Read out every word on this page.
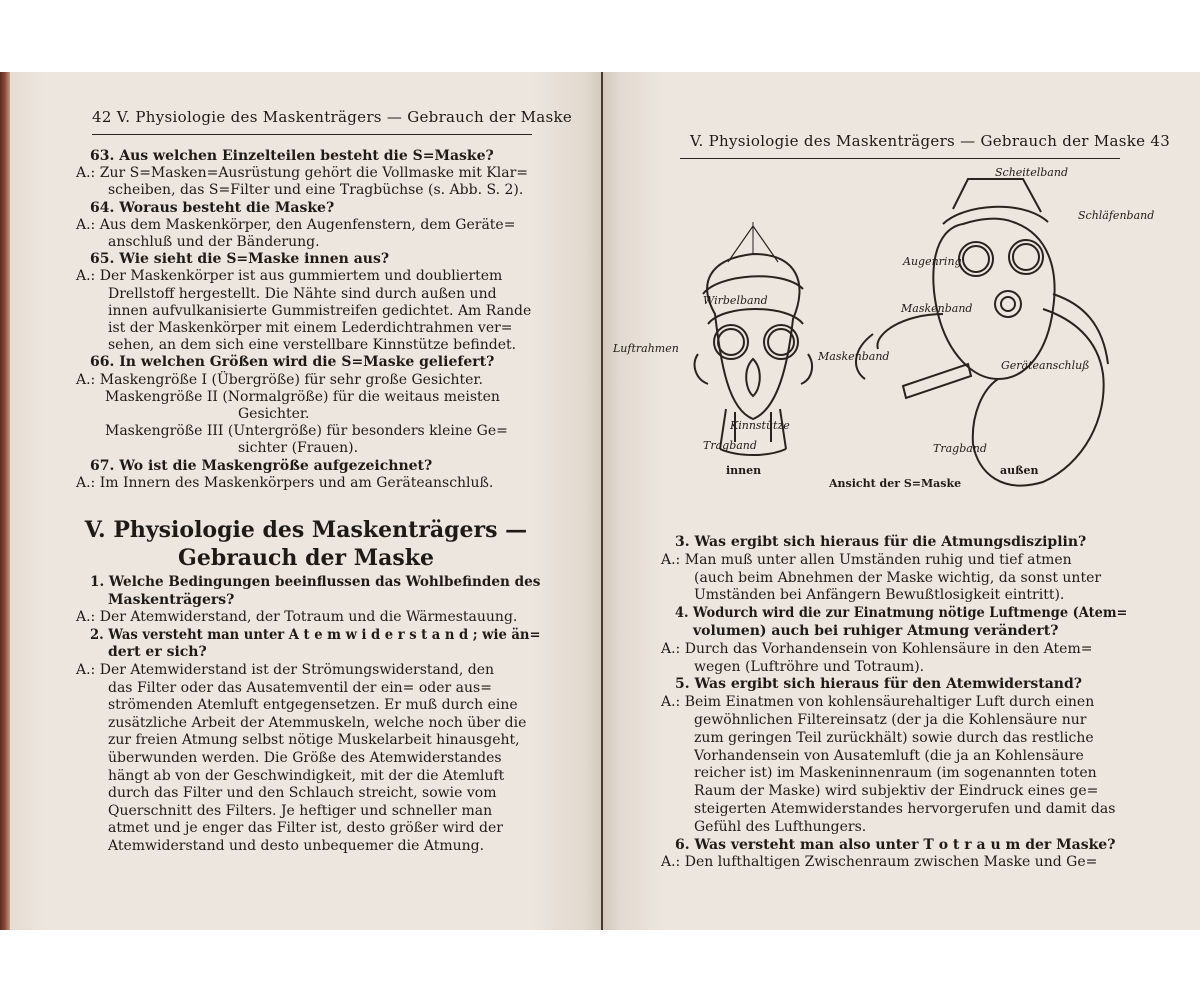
42 V. Physiologie des Maskenträgers — Gebrauch der Maske
63. Aus welchen Einzelteilen besteht die S=Maske?
A.: Zur S=Masken=Ausrüstung gehört die Vollmaske mit Klar=
scheiben, das S=Filter und eine Tragbüchse (s. Abb. S. 2).
64. Woraus besteht die Maske?
A.: Aus dem Maskenkörper, den Augenfenstern, dem Geräte=
anschluß und der Bänderung.
65. Wie sieht die S=Maske innen aus?
A.: Der Maskenkörper ist aus gummiertem und doubliertem
Drellstoff hergestellt. Die Nähte sind durch außen und
innen aufvulkanisierte Gummistreifen gedichtet. Am Rande
ist der Maskenkörper mit einem Lederdichtrahmen ver=
sehen, an dem sich eine verstellbare Kinnstütze befindet.
66. In welchen Größen wird die S=Maske geliefert?
A.: Maskengröße I (Übergröße) für sehr große Gesichter.
Maskengröße II (Normalgröße) für die weitaus meisten
Gesichter.
Maskengröße III (Untergröße) für besonders kleine Ge=
sichter (Frauen).
67. Wo ist die Maskengröße aufgezeichnet?
A.: Im Innern des Maskenkörpers und am Geräteanschluß.
V. Physiologie des Maskenträgers —
Gebrauch der Maske
1. Welche Bedingungen beeinflussen das Wohlbefinden des
Maskenträgers?
A.: Der Atemwiderstand, der Totraum und die Wärmestauung.
2. Was versteht man unter A t e m w i d e r s t a n d ; wie än=
dert er sich?
A.: Der Atemwiderstand ist der Strömungswiderstand, den
das Filter oder das Ausatemventil der ein= oder aus=
strömenden Atemluft entgegensetzen. Er muß durch eine
zusätzliche Arbeit der Atemmuskeln, welche noch über die
zur freien Atmung selbst nötige Muskelarbeit hinausgeht,
überwunden werden. Die Größe des Atemwiderstandes
hängt ab von der Geschwindigkeit, mit der die Atemluft
durch das Filter und den Schlauch streicht, sowie vom
Querschnitt des Filters. Je heftiger und schneller man
atmet und je enger das Filter ist, desto größer wird der
Atemwiderstand und desto unbequemer die Atmung.
V. Physiologie des Maskenträgers — Gebrauch der Maske 43
Wirbelband
Luftrahmen
Maskenband
Kinnstütze
Tragband
Scheitelband
Schläfenband
Augenring
Maskenband
Geräteanschluß
Tragband
innen	außen
Ansicht der S=Maske
3. Was ergibt sich hieraus für die Atmungsdisziplin?
A.: Man muß unter allen Umständen ruhig und tief atmen
(auch beim Abnehmen der Maske wichtig, da sonst unter
Umständen bei Anfängern Bewußtlosigkeit eintritt).
4. Wodurch wird die zur Einatmung nötige Luftmenge (Atem=
volumen) auch bei ruhiger Atmung verändert?
A.: Durch das Vorhandensein von Kohlensäure in den Atem=
wegen (Luftröhre und Totraum).
5. Was ergibt sich hieraus für den Atemwiderstand?
A.: Beim Einatmen von kohlensäurehaltiger Luft durch einen
gewöhnlichen Filtereinsatz (der ja die Kohlensäure nur
zum geringen Teil zurückhält) sowie durch das restliche
Vorhandensein von Ausatemluft (die ja an Kohlensäure
reicher ist) im Maskeninnenraum (im sogenannten toten
Raum der Maske) wird subjektiv der Eindruck eines ge=
steigerten Atemwiderstandes hervorgerufen und damit das
Gefühl des Lufthungers.
6. Was versteht man also unter T o t r a u m der Maske?
A.: Den lufthaltigen Zwischenraum zwischen Maske und Ge=
